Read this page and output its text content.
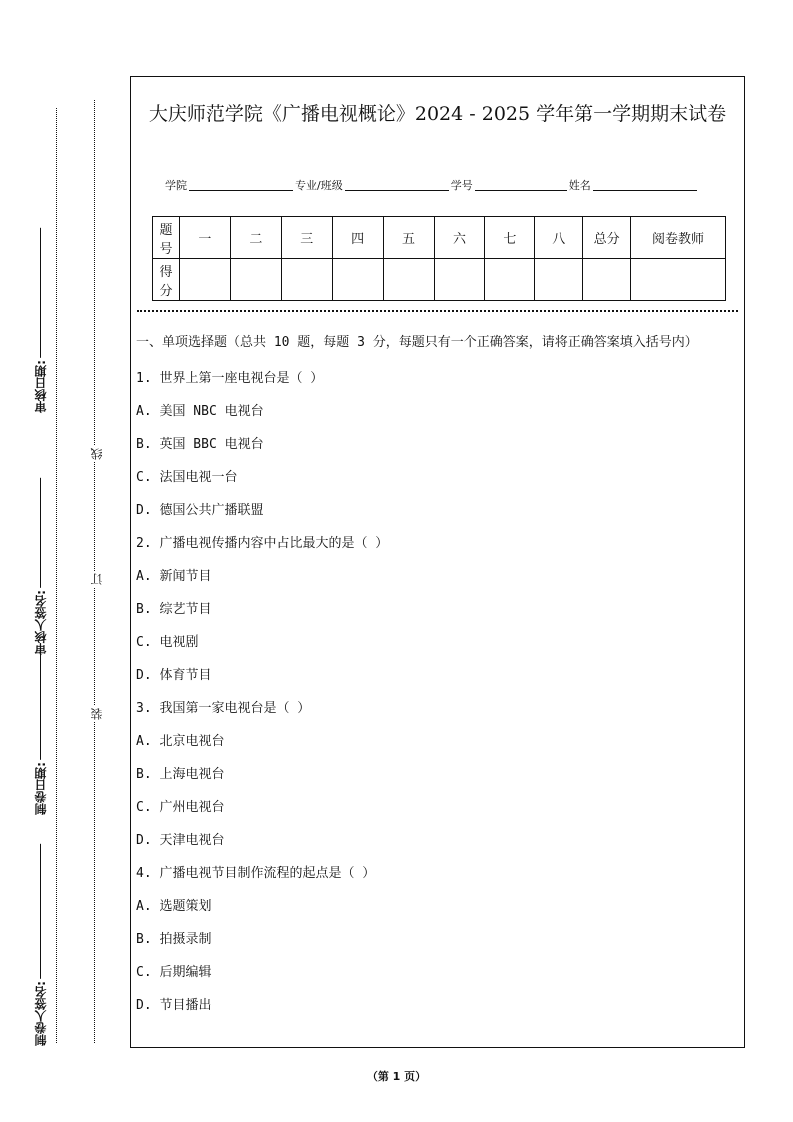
审核日期:
审核人签名:
制卷日期:
制卷人签名:
线
订
装
大庆师范学院《广播电视概论》2024 - 2025 学年第一学期期末试卷
学院	专业/班级	学号	姓名
题号	一	二	三	四	五	六	七	八	总分	阅卷教师
得分										
一、单项选择题（总共 10 题，每题 3 分，每题只有一个正确答案，请将正确答案填入括号内）
1. 世界上第一座电视台是（ ）
A. 美国 NBC 电视台
B. 英国 BBC 电视台
C. 法国电视一台
D. 德国公共广播联盟
2. 广播电视传播内容中占比最大的是（ ）
A. 新闻节目
B. 综艺节目
C. 电视剧
D. 体育节目
3. 我国第一家电视台是（ ）
A. 北京电视台
B. 上海电视台
C. 广州电视台
D. 天津电视台
4. 广播电视节目制作流程的起点是（ ）
A. 选题策划
B. 拍摄录制
C. 后期编辑
D. 节目播出
（第 1 页）
